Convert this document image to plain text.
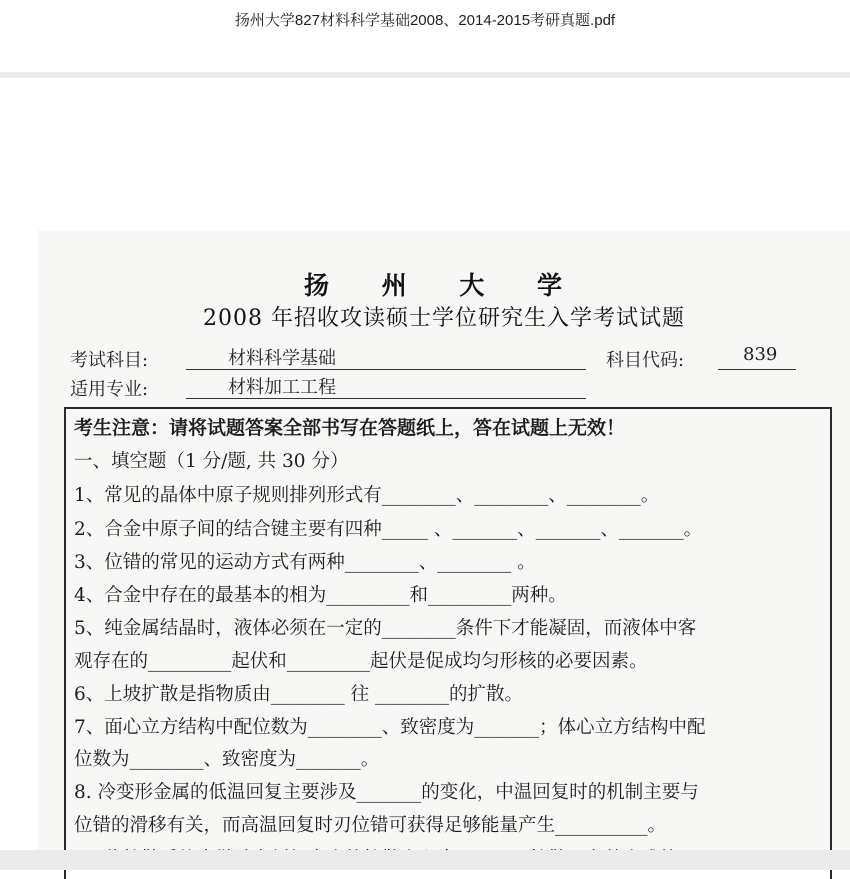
扬州大学827材料科学基础2008、2014-2015考研真题.pdf
扬 州 大 学
2008 年招收攻读硕士学位研究生入学考试试题
考试科目:	材料科学基础	科目代码:	839
适用专业:	材料加工工程
考生注意：请将试题答案全部书写在答题纸上，答在试题上无效！
一、填空题（1 分/题, 共 30 分）
1、常见的晶体中原子规则排列形式有________、________、________。
2、合金中原子间的结合键主要有四种_____ 、_______、_______、_______。
3、位错的常见的运动方式有两种________、________ 。
4、合金中存在的最基本的相为_________和_________两种。
5、纯金属结晶时，液体必须在一定的________条件下才能凝固，而液体中客
观存在的_________起伏和_________起伏是促成均匀形核的必要因素。
6、上坡扩散是指物质由________ 往 ________的扩散。
7、面心立方结构中配位数为________、致密度为_______；体心立方结构中配
位数为________、致密度为_______。
8. 冷变形金属的低温回复主要涉及_______的变化，中温回复时的机制主要与
位错的滑移有关，而高温回复时刃位错可获得足够能量产生__________。
